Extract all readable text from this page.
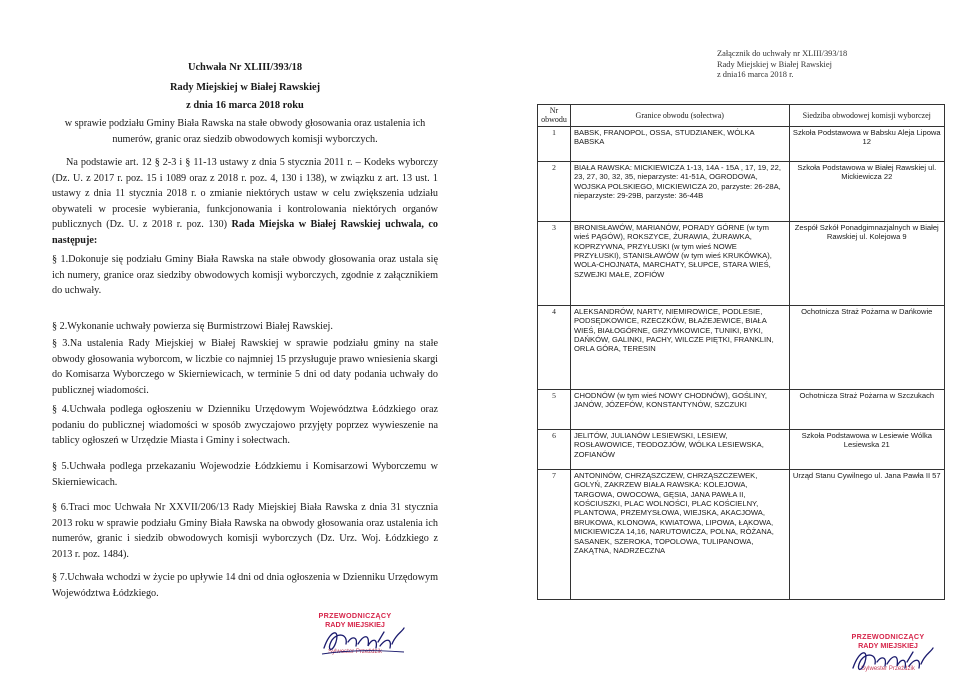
Uchwała Nr XLIII/393/18
Rady Miejskiej w Białej Rawskiej
z dnia 16 marca 2018 roku
w sprawie podziału Gminy Biała Rawska na stałe obwody głosowania oraz ustalenia ich
numerów, granic oraz siedzib obwodowych komisji wyborczych.
Na podstawie art. 12 § 2-3 i § 11-13 ustawy z dnia 5 stycznia 2011 r. – Kodeks wyborczy (Dz. U. z 2017 r. poz. 15 i 1089 oraz z 2018 r. poz. 4, 130 i 138), w związku z art. 13 ust. 1 ustawy z dnia 11 stycznia 2018 r. o zmianie niektórych ustaw w celu zwiększenia udziału obywateli w procesie wybierania, funkcjonowania i kontrolowania niektórych organów publicznych (Dz. U. z 2018 r. poz. 130) Rada Miejska w Białej Rawskiej uchwala, co następuje:
§ 1.Dokonuje się podziału Gminy Biała Rawska na stałe obwody głosowania oraz ustala się ich numery, granice oraz siedziby obwodowych komisji wyborczych, zgodnie z załącznikiem do uchwały.
§ 2.Wykonanie uchwały powierza się Burmistrzowi Białej Rawskiej.
§ 3.Na ustalenia Rady Miejskiej w Białej Rawskiej w sprawie podziału gminy na stałe obwody głosowania wyborcom, w liczbie co najmniej 15 przysługuje prawo wniesienia skargi do Komisarza Wyborczego w Skierniewicach, w terminie 5 dni od daty podania uchwały do publicznej wiadomości.
§ 4.Uchwała podlega ogłoszeniu w Dzienniku Urzędowym Województwa Łódzkiego oraz podaniu do publicznej wiadomości w sposób zwyczajowo przyjęty poprzez wywieszenie na tablicy ogłoszeń w Urzędzie Miasta i Gminy i sołectwach.
§ 5.Uchwała podlega przekazaniu Wojewodzie Łódzkiemu i Komisarzowi Wyborczemu w Skierniewicach.
§ 6.Traci moc Uchwała Nr XXVII/206/13 Rady Miejskiej Biała Rawska z dnia 31 stycznia 2013 roku w sprawie podziału Gminy Biała Rawska na obwody głosowania oraz ustalenia ich numerów, granic i siedzib obwodowych komisji wyborczych (Dz. Urz. Woj. Łódzkiego z 2013 r. poz. 1484).
§ 7.Uchwała wchodzi w życie po upływie 14 dni od dnia ogłoszenia w Dzienniku Urzędowym Województwa Łódzkiego.
PRZEWODNICZĄCY
RADY MIEJSKIEJ
Sylwester Przeździk
Załącznik do uchwały nr XLIII/393/18
Rady Miejskiej w Białej Rawskiej
z dnia16 marca 2018 r.
Nr obwodu	Granice obwodu (sołectwa)	Siedziba obwodowej komisji wyborczej
1	BABSK, FRANOPOL, OSSA, STUDZIANEK, WÓLKA BABSKA	Szkoła Podstawowa w Babsku Aleja Lipowa 12
2	BIAŁA RAWSKA: MICKIEWICZA 1-13, 14A - 15A , 17, 19, 22, 23, 27, 30, 32, 35, nieparzyste: 41-51A, OGRODOWA, WOJSKA POLSKIEGO, MICKIEWICZA 20, parzyste: 26-28A, nieparzyste: 29-29B, parzyste: 36-44B	Szkoła Podstawowa w Białej Rawskiej ul. Mickiewicza 22
3	BRONISŁAWÓW, MARIANÓW, PORADY GÓRNE (w tym wieś PĄGÓW), ROKSZYCE, ŻURAWIA, ŻURAWKA, KOPRZYWNA, PRZYŁUSKI (w tym wieś NOWE PRZYŁUSKI), STANISŁAWÓW (w tym wieś KRUKÓWKA), WOLA-CHOJNATA, MARCHATY, SŁUPCE, STARA WIEŚ, SZWEJKI MAŁE, ZOFIÓW	Zespół Szkół Ponadgimnazjalnych w Białej Rawskiej ul. Kolejowa 9
4	ALEKSANDRÓW, NARTY, NIEMIROWICE, PODLESIE, PODSĘDKOWICE, RZECZKÓW, BŁAŻEJEWICE, BIAŁA WIEŚ, BIAŁOGÓRNE, GRZYMKOWICE, TUNIKI, BYKI, DAŃKÓW, GALINKI, PACHY, WILCZE PIĘTKI, FRANKLIN, ORLA GÓRA, TERESIN	Ochotnicza Straż Pożarna w Dańkowie
5	CHODNÓW (w tym wieś NOWY CHODNÓW), GOŚLINY, JANÓW, JÓZEFÓW, KONSTANTYNÓW, SZCZUKI	Ochotnicza Straż Pożarna w Szczukach
6	JELITÓW, JULIANÓW LESIEWSKI, LESIEW, ROSŁAWOWICE, TEODOZJÓW, WÓLKA LESIEWSKA, ZOFIANÓW	Szkoła Podstawowa w Lesiewie Wólka Lesiewska 21
7	ANTONINÓW, CHRZĄSZCZEW, CHRZĄSZCZEWEK, GOLYŃ, ZAKRZEW BIAŁA RAWSKA: KOLEJOWA, TARGOWA, OWOCOWA, GĘSIA, JANA PAWŁA II, KOŚCIUSZKI, PLAC WOLNOŚCI, PLAC KOŚCIELNY, PLANTOWA, PRZEMYSŁOWA, WIEJSKA, AKACJOWA, BRUKOWA, KLONOWA, KWIATOWA, LIPOWA, ŁĄKOWA, MICKIEWICZA 14,16, NARUTOWICZA, POLNA, RÓŻANA, SASANEK, SZEROKA, TOPOLOWA, TULIPANOWA, ZAKĄTNA, NADRZECZNA	Urząd Stanu Cywilnego ul. Jana Pawła II 57
PRZEWODNICZĄCY
RADY MIEJSKIEJ
Sylwester Przeździk
